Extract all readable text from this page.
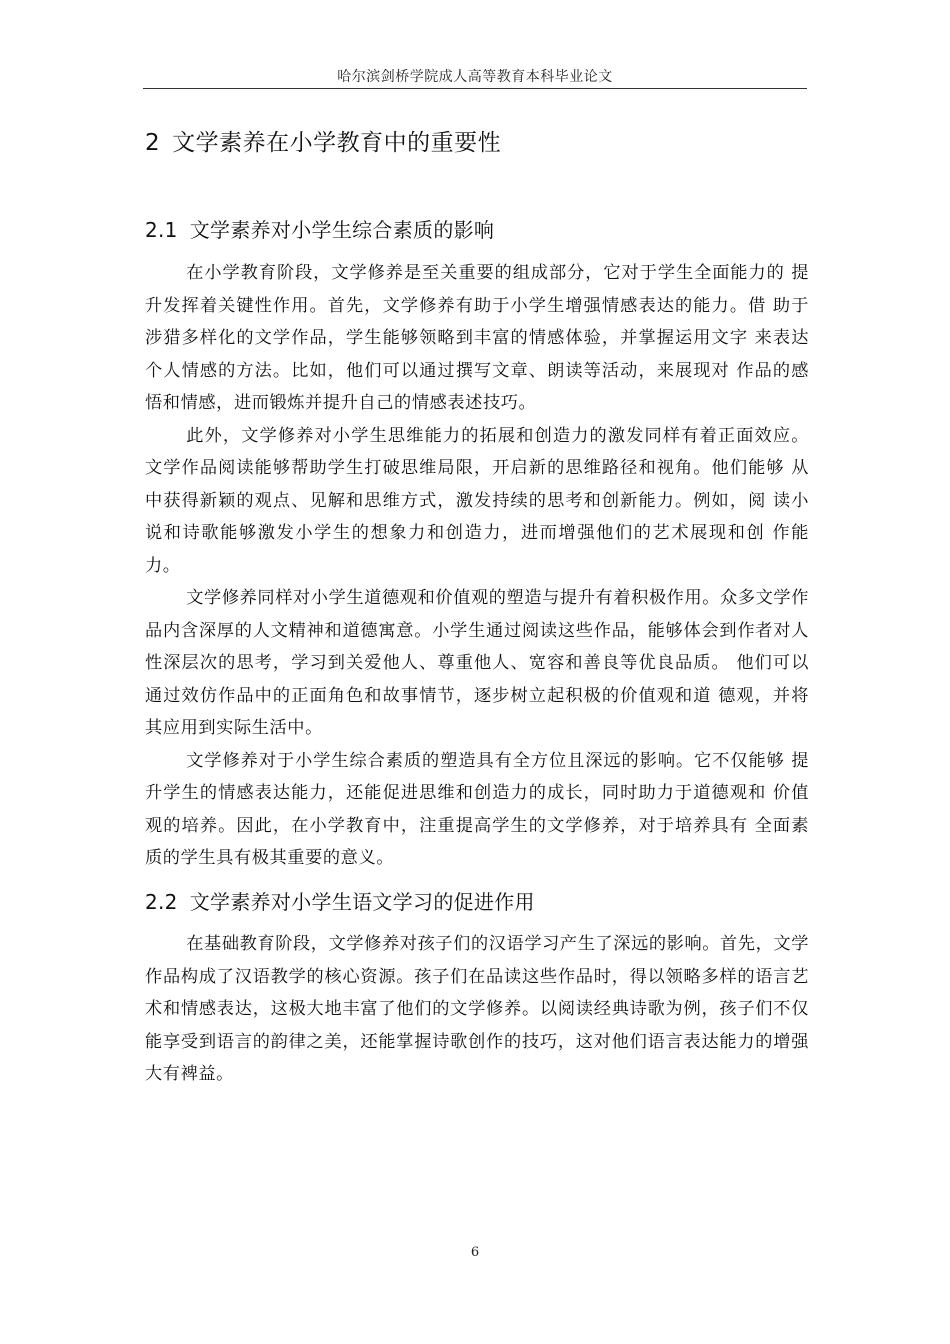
哈尔滨剑桥学院成人高等教育本科毕业论文
2 文学素养在小学教育中的重要性
2.1 文学素养对小学生综合素质的影响

在小学教育阶段，文学修养是至关重要的组成部分，它对于学生全面能力的 提升发挥着关键性作用。首先，文学修养有助于小学生增强情感表达的能力。借 助于涉猎多样化的文学作品，学生能够领略到丰富的情感体验，并掌握运用文字 来表达个人情感的方法。比如，他们可以通过撰写文章、朗读等活动，来展现对 作品的感悟和情感，进而锻炼并提升自己的情感表述技巧。

此外，文学修养对小学生思维能力的拓展和创造力的激发同样有着正面效应。 文学作品阅读能够帮助学生打破思维局限，开启新的思维路径和视角。他们能够 从中获得新颖的观点、见解和思维方式，激发持续的思考和创新能力。例如，阅 读小说和诗歌能够激发小学生的想象力和创造力，进而增强他们的艺术展现和创 作能力。

文学修养同样对小学生道德观和价值观的塑造与提升有着积极作用。众多文学作品内含深厚的人文精神和道德寓意。小学生通过阅读这些作品，能够体会到作者对人性深层次的思考，学习到关爱他人、尊重他人、宽容和善良等优良品质。 他们可以通过效仿作品中的正面角色和故事情节，逐步树立起积极的价值观和道 德观，并将其应用到实际生活中。

文学修养对于小学生综合素质的塑造具有全方位且深远的影响。它不仅能够 提升学生的情感表达能力，还能促进思维和创造力的成长，同时助力于道德观和 价值观的培养。因此，在小学教育中，注重提高学生的文学修养，对于培养具有 全面素质的学生具有极其重要的意义。

2.2 文学素养对小学生语文学习的促进作用

在基础教育阶段，文学修养对孩子们的汉语学习产生了深远的影响。首先，文学作品构成了汉语教学的核心资源。孩子们在品读这些作品时，得以领略多样的语言艺术和情感表达，这极大地丰富了他们的文学修养。以阅读经典诗歌为例，孩子们不仅能享受到语言的韵律之美，还能掌握诗歌创作的技巧，这对他们语言表达能力的增强大有裨益。

6
